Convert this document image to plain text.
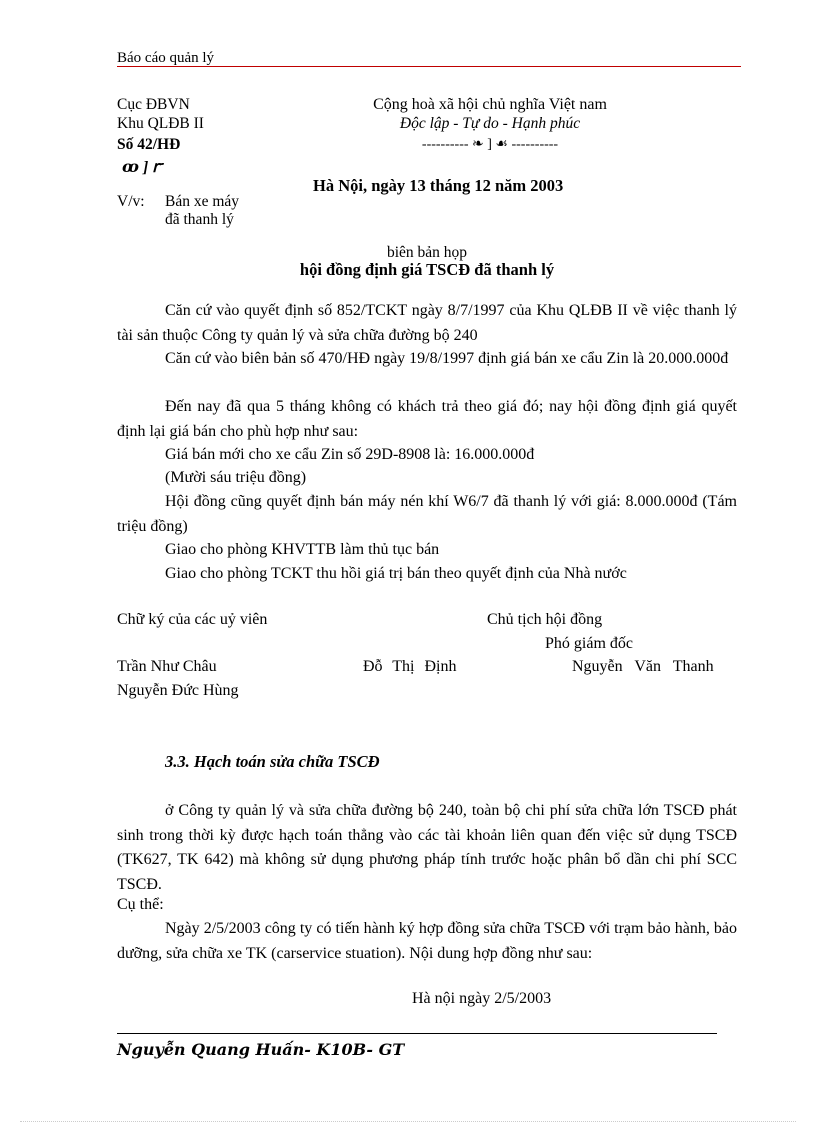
Báo cáo quản lý
Cục ĐBVN
Khu QLĐB II
Số 42/HĐ
ꝏ ] ꭈ
Cộng hoà xã hội chủ nghĩa Việt nam
Độc lập - Tự do - Hạnh phúc
---------- ❧ ] ☙ ----------
Hà Nội, ngày 13 tháng 12 năm 2003
V/v: Bán xe máy
đã thanh lý
biên bản họp
hội đồng định giá TSCĐ đã thanh lý
Căn cứ vào quyết định số 852/TCKT ngày 8/7/1997 của Khu QLĐB II về việc thanh lý tài sản thuộc Công ty quản lý và sửa chữa đường bộ 240
Căn cứ vào biên bản số 470/HĐ ngày 19/8/1997 định giá bán xe cẩu Zin là 20.000.000đ
Đến nay đã qua 5 tháng không có khách trả theo giá đó; nay hội đồng định giá quyết định lại giá bán cho phù hợp như sau:
Giá bán mới cho xe cẩu Zin số 29D-8908 là: 16.000.000đ
(Mười sáu triệu đồng)
Hội đồng cũng quyết định bán máy nén khí W6/7 đã thanh lý với giá: 8.000.000đ (Tám triệu đồng)
Giao cho phòng KHVTTB làm thủ tục bán
Giao cho phòng TCKT thu hồi giá trị bán theo quyết định của Nhà nước
Chữ ký của các uỷ viên	Chủ tịch hội đồng
Phó giám đốc
Trần Như Châu	Đỗ Thị Định	Nguyễn Văn Thanh
Nguyễn Đức Hùng
3.3. Hạch toán sửa chữa TSCĐ
ở Công ty quản lý và sửa chữa đường bộ 240, toàn bộ chi phí sửa chữa lớn TSCĐ phát sinh trong thời kỳ được hạch toán thẳng vào các tài khoản liên quan đến việc sử dụng TSCĐ (TK627, TK 642) mà không sử dụng phương pháp tính trước hoặc phân bổ dần chi phí SCC TSCĐ.
Cụ thể:
Ngày 2/5/2003 công ty có tiến hành ký hợp đồng sửa chữa TSCĐ với trạm bảo hành, bảo dưỡng, sửa chữa xe TK (carservice stuation). Nội dung hợp đồng như sau:
Hà nội ngày 2/5/2003
Nguyễn Quang Huấn- K10B- GT
